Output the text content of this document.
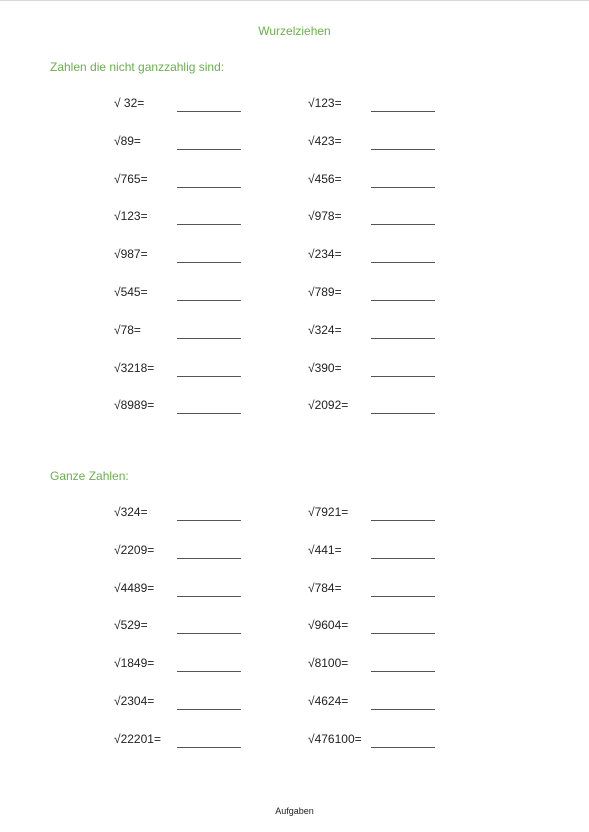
Wurzelziehen
Zahlen die nicht ganzzahlig sind:
√ 32=	√123=
√89=	√423=
√765=	√456=
√123=	√978=
√987=	√234=
√545=	√789=
√78=	√324=
√3218=	√390=
√8989=	√2092=
Ganze Zahlen:
√324=	√7921=
√2209=	√441=
√4489=	√784=
√529=	√9604=
√1849=	√8100=
√2304=	√4624=
√22201=	√476100=
Aufgaben
